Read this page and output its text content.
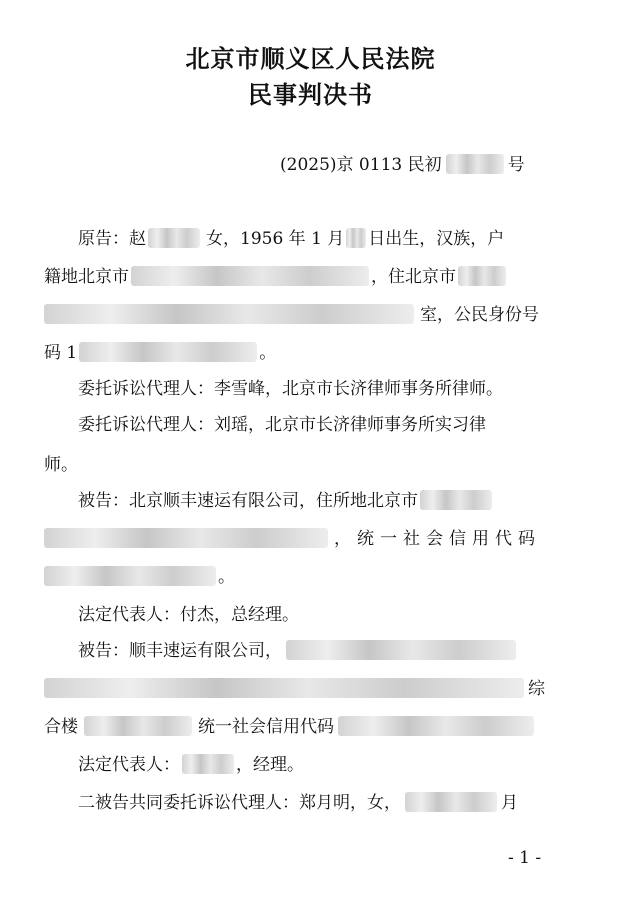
北京市顺义区人民法院
民事判决书
(2025)京 0113 民初	号
原告：赵	女，1956 年 1 月 日出生，汉族，户
籍地北京市	，住北京市
室，公民身份号
码 1	。
委托诉讼代理人：李雪峰，北京市长济律师事务所律师。
委托诉讼代理人：刘瑶，北京市长济律师事务所实习律
师。
被告：北京顺丰速运有限公司，住所地北京市
，统一社会信用代码
。
法定代表人：付杰，总经理。
被告：顺丰速运有限公司，
综
合楼	统一社会信用代码
法定代表人：	，经理。
二被告共同委托诉讼代理人：郑月明，女，	月
- 1 -
